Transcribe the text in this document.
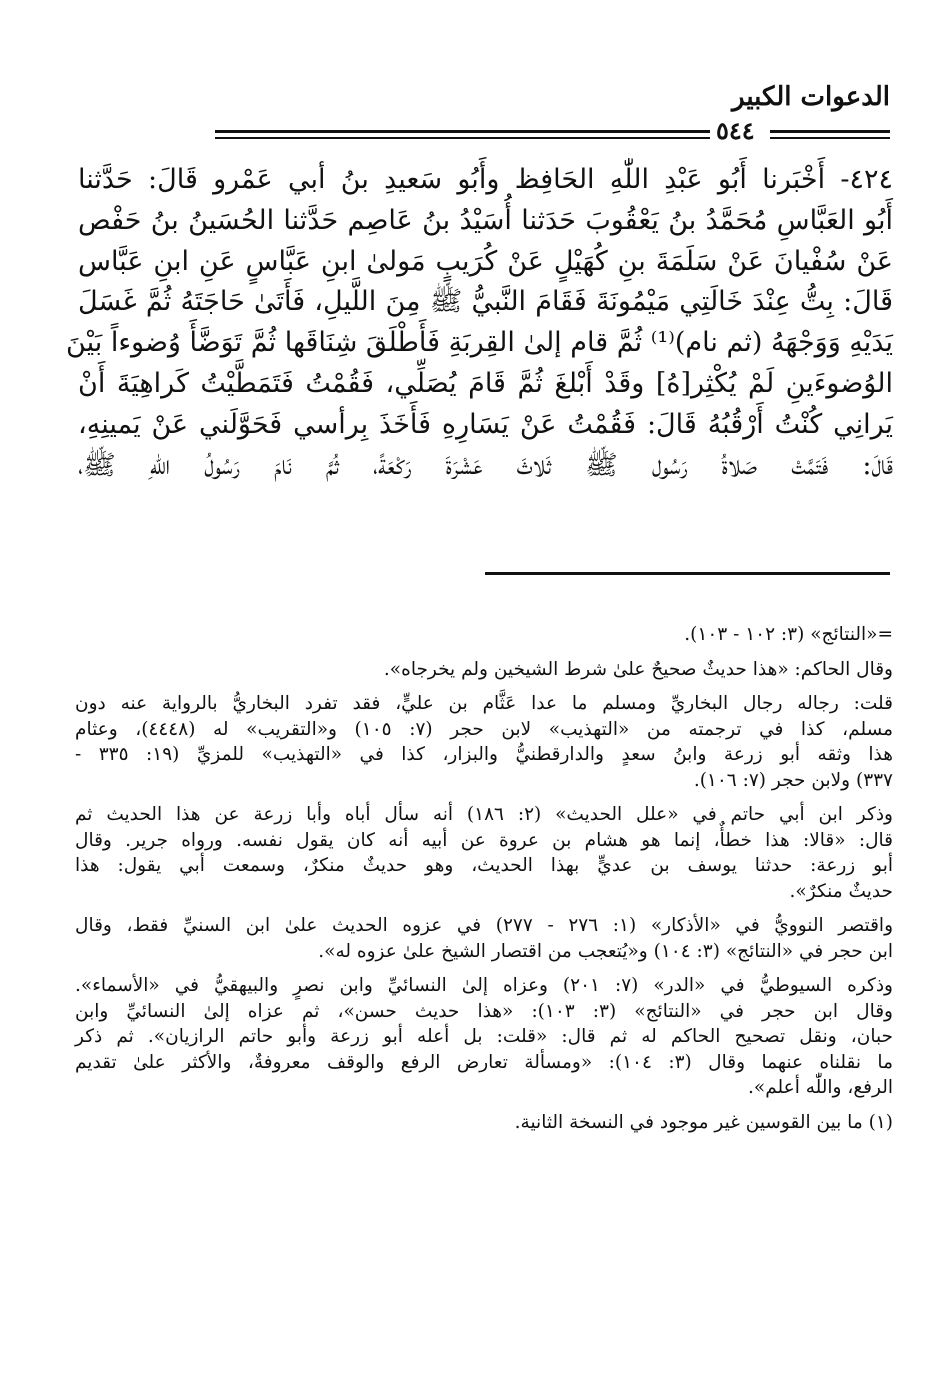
الدعوات الكبير
٥٤٤
٤٢٤- أَخْبَرنا أَبُو عَبْدِ اللّٰهِ الحَافِظ وأَبُو سَعيدِ بنُ أبي عَمْرو قَالَ: حَدَّثنا
أَبُو العَبَّاسِ مُحَمَّدُ بنُ يَعْقُوبَ حَدَثنا أُسَيْدُ بنُ عَاصِم حَدَّثنا الحُسَينُ بنُ حَفْص
عَنْ سُفْيانَ عَنْ سَلَمَةَ بنِ كُهَيْلٍ عَنْ كُرَيبٍ مَولىٰ ابنِ عَبَّاسٍ عَنِ ابنِ عَبَّاس
قَالَ: بِتُّ عِنْدَ خَالَتِي مَيْمُونَةَ فَقَامَ النَّبيُّ ﷺ مِنَ اللَّيلِ، فَأَتَىٰ حَاجَتَهُ ثُمَّ غَسَلَ
يَدَيْهِ وَوَجْهَهُ (ثم نام)⁽¹⁾ ثُمَّ قام إلىٰ القِربَةِ فَأَطْلَقَ شِنَاقَها ثُمَّ تَوَضَّأَ وُضوءاً بَيْنَ
الوُضوءَينِ لَمْ يُكْثِر[هُ] وقَدْ أَبْلغَ ثُمَّ قَامَ يُصَلِّي، فَقُمْتُ فَتَمَطَّيْتُ كَراهِيَةَ أَنْ
يَرانِي كُنْتُ أَرْقُبُهُ قَالَ: فَقُمْتُ عَنْ يَسَارِهِ فَأَخَذَ بِرأسي فَحَوَّلَني عَنْ يَمينِهِ،
قَالَ: فَتَمَّتْ صَلاةُ رَسُول ﷺ ثَلاثَ عَشْرَةَ رَكْعَةً، ثُمَّ نَامَ رَسُولُ اللّٰهِ ﷺ،
=«النتائج» (٣: ١٠٢ - ١٠٣).
وقال الحاكم: «هذا حديثٌ صحيحٌ علىٰ شرط الشيخين ولم يخرجاه».
قلت: رجاله رجال البخاريِّ ومسلم ما عدا عَثَّام بن عليٍّ، فقد تفرد البخاريُّ بالرواية عنه دون
مسلم، كذا في ترجمته من «التهذيب» لابن حجر (٧: ١٠٥) و«التقريب» له (٤٤٤٨)، وعثام
هذا وثقه أبو زرعة وابنُ سعدٍ والدارقطنيُّ والبزار، كذا في «التهذيب» للمزيِّ (١٩: ٣٣٥ -
٣٣٧) ولابن حجر (٧: ١٠٦).
وذكر ابن أبي حاتم في «علل الحديث» (٢: ١٨٦) أنه سأل أباه وأبا زرعة عن هذا الحديث ثم
قال: «قالا: هذا خطأٌ، إنما هو هشام بن عروة عن أبيه أنه كان يقول نفسه. ورواه جرير. وقال
أبو زرعة: حدثنا يوسف بن عديٍّ بهذا الحديث، وهو حديثٌ منكرٌ، وسمعت أبي يقول: هذا
حديثٌ منكرٌ».
واقتصر النوويُّ في «الأذكار» (١: ٢٧٦ - ٢٧٧) في عزوه الحديث علىٰ ابن السنيِّ فقط، وقال
ابن حجر في «النتائج» (٣: ١٠٤) و«يُتعجب من اقتصار الشيخ علىٰ عزوه له».
وذكره السيوطيُّ في «الدر» (٧: ٢٠١) وعزاه إلىٰ النسائيِّ وابن نصرٍ والبيهقيُّ في «الأسماء».
وقال ابن حجر في «النتائج» (٣: ١٠٣): «هذا حديث حسن»، ثم عزاه إلىٰ النسائيِّ وابن
حبان، ونقل تصحيح الحاكم له ثم قال: «قلت: بل أعله أبو زرعة وأبو حاتم الرازيان». ثم ذكر
ما نقلناه عنهما وقال (٣: ١٠٤): «ومسألة تعارض الرفع والوقف معروفةٌ، والأكثر علىٰ تقديم
الرفع، واللّٰه أعلم».
(١) ما بين القوسين غير موجود في النسخة الثانية.
